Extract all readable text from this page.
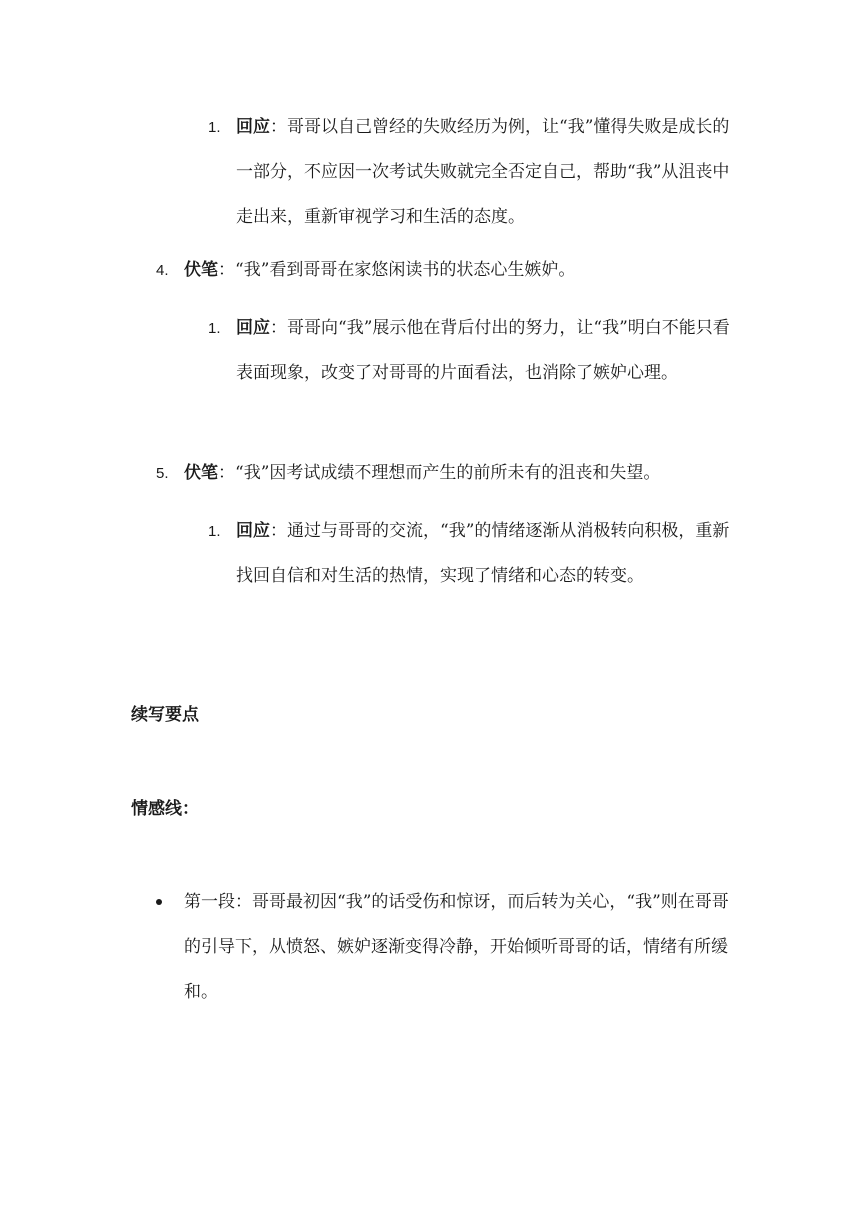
1. 回应：哥哥以自己曾经的失败经历为例，让“我”懂得失败是成长的一部分，不应因一次考试失败就完全否定自己，帮助“我”从沮丧中走出来，重新审视学习和生活的态度。
4. 伏笔：“我”看到哥哥在家悠闲读书的状态心生嫉妒。
1. 回应：哥哥向“我”展示他在背后付出的努力，让“我”明白不能只看表面现象，改变了对哥哥的片面看法，也消除了嫉妒心理。
5. 伏笔：“我”因考试成绩不理想而产生的前所未有的沮丧和失望。
1. 回应：通过与哥哥的交流，“我”的情绪逐渐从消极转向积极，重新找回自信和对生活的热情，实现了情绪和心态的转变。
续写要点
情感线：
第一段：哥哥最初因“我”的话受伤和惊讶，而后转为关心，“我”则在哥哥的引导下，从愤怒、嫉妒逐渐变得冷静，开始倾听哥哥的话，情绪有所缓和。
